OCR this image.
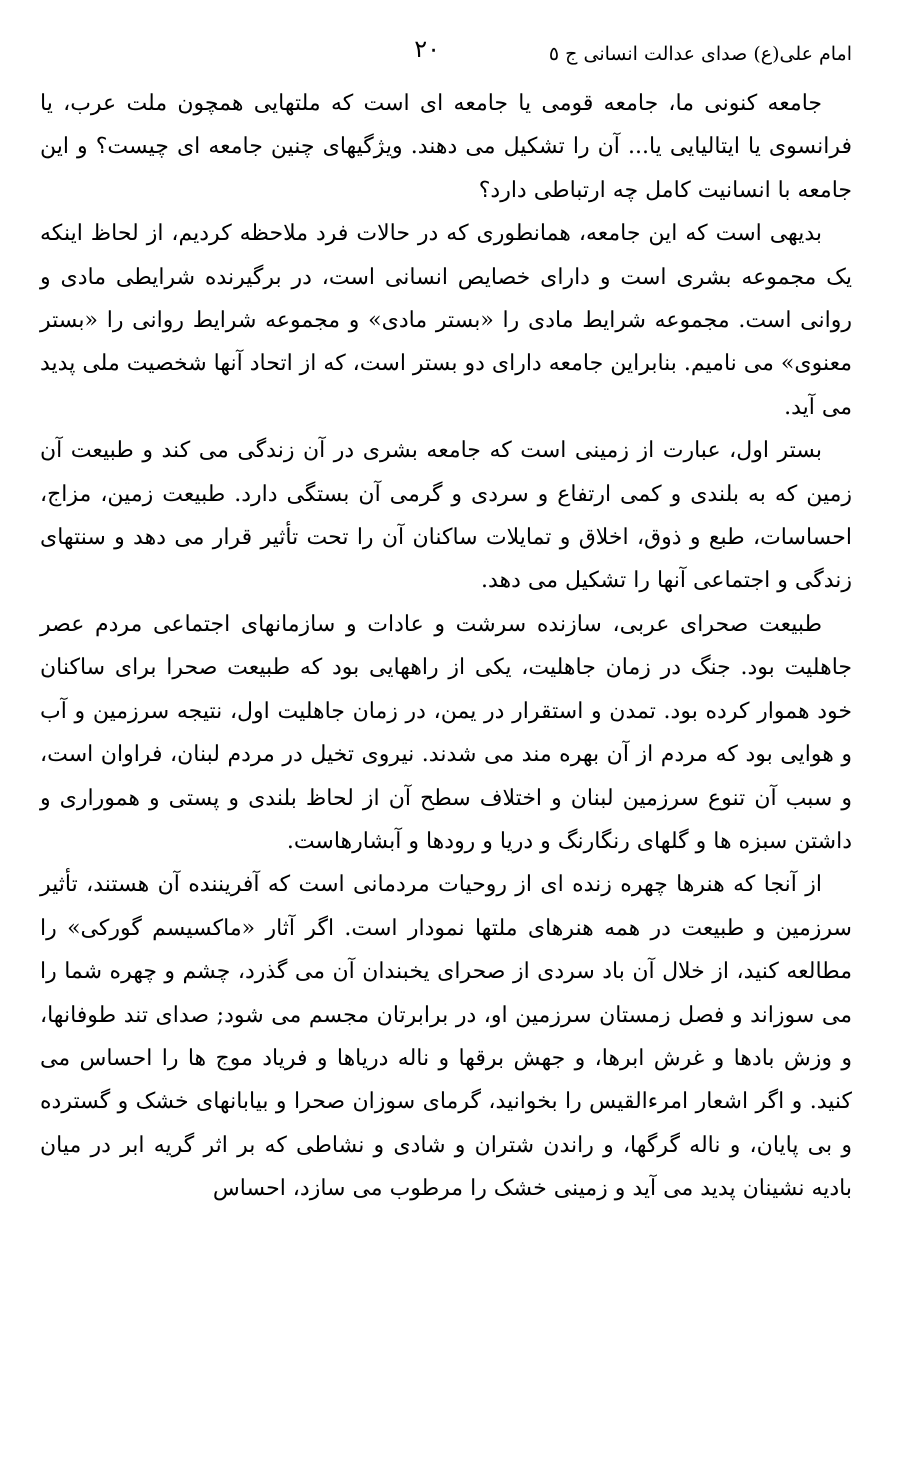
امام علی(ع) صدای عدالت انسانی ج ٥
٢٠

جامعه کنونی ما، جامعه قومی یا جامعه ای است که ملتهایی همچون ملت عرب، یا فرانسوی یا ایتالیایی یا... آن را تشکیل می دهند. ویژگیهای چنین جامعه ای چیست؟ و این جامعه با انسانیت کامل چه ارتباطی دارد؟

بدیهی است که این جامعه، همانطوری که در حالات فرد ملاحظه کردیم، از لحاظ اینکه یک مجموعه بشری است و دارای خصایص انسانی است، در برگیرنده شرایطی مادی و روانی است. مجموعه شرایط مادی را «بستر مادی» و مجموعه شرایط روانی را «بستر معنوی» می نامیم. بنابراین جامعه دارای دو بستر است، که از اتحاد آنها شخصیت ملی پدید می آید.

بستر اول، عبارت از زمینی است که جامعه بشری در آن زندگی می کند و طبیعت آن زمین که به بلندی و کمی ارتفاع و سردی و گرمی آن بستگی دارد. طبیعت زمین، مزاج، احساسات، طبع و ذوق، اخلاق و تمایلات ساکنان آن را تحت تأثیر قرار می دهد و سنتهای زندگی و اجتماعی آنها را تشکیل می دهد.

طبیعت صحرای عربی، سازنده سرشت و عادات و سازمانهای اجتماعی مردم عصر جاهلیت بود. جنگ در زمان جاهلیت، یکی از راههایی بود که طبیعت صحرا برای ساکنان خود هموار کرده بود. تمدن و استقرار در یمن، در زمان جاهلیت اول، نتیجه سرزمین و آب و هوایی بود که مردم از آن بهره مند می شدند. نیروی تخیل در مردم لبنان، فراوان است، و سبب آن تنوع سرزمین لبنان و اختلاف سطح آن از لحاظ بلندی و پستی و هموراری و داشتن سبزه ها و گلهای رنگارنگ و دریا و رودها و آبشارهاست.

از آنجا که هنرها چهره زنده ای از روحیات مردمانی است که آفریننده آن هستند، تأثیر سرزمین و طبیعت در همه هنرهای ملتها نمودار است. اگر آثار «ماکسیسم گورکی» را مطالعه کنید، از خلال آن باد سردی از صحرای یخبندان آن می گذرد، چشم و چهره شما را می سوزاند و فصل زمستان سرزمین او، در برابرتان مجسم می شود; صدای تند طوفانها، و وزش بادها و غرش ابرها، و جهش برقها و ناله دریاها و فریاد موج ها را احساس می کنید. و اگر اشعار امرءالقیس را بخوانید، گرمای سوزان صحرا و بیابانهای خشک و گسترده و بی پایان، و ناله گرگها، و راندن شتران و شادی و نشاطی که بر اثر گریه ابر در میان بادیه نشینان پدید می آید و زمینی خشک را مرطوب می سازد، احساس
